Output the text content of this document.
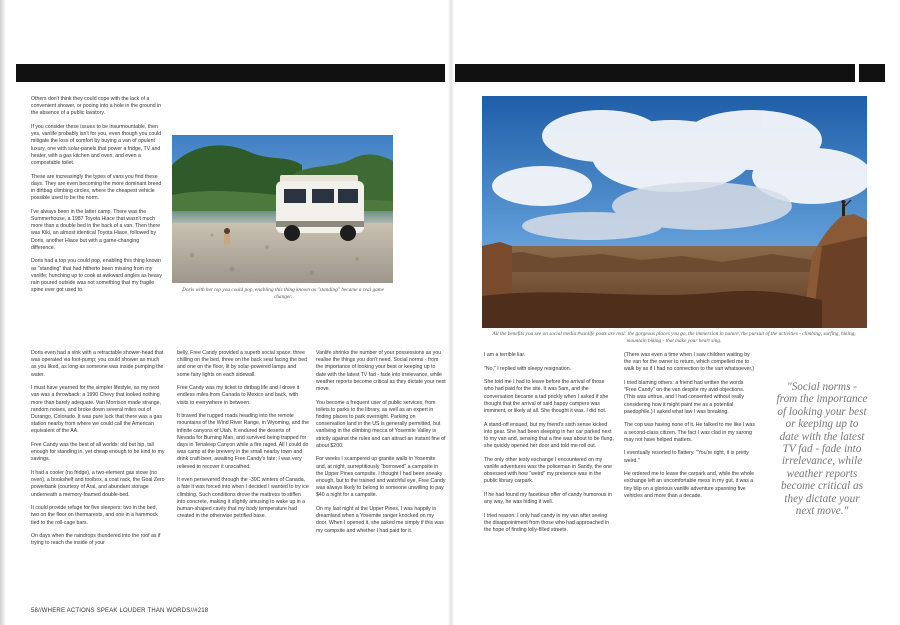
Others don't think they could cope with the lack of a convenient shower, or pooing into a hole in the ground in the absence of a public lavatory.

If you consider these issues to be insurmountable, then yes, vanlife probably isn't for you, even though you could mitigate the loss of comfort by buying a van of opulent luxury, one with solar-panels that power a fridge, TV and heater, with a gas kitchen and oven, and even a compostable toilet.

These are increasingly the types of vans you find these days. They are even becoming the more dominant breed in dirtbag climbing circles, where the cheapest vehicle possible used to be the norm.

I've always been in the latter camp. There was the Summerhouse, a 1987 Toyota Hiace that wasn't much more than a double bed in the back of a van. Then there was Kiki, an almost identical Toyota Hiace, followed by Doris, another Hiace but with a game-changing difference.

Doris had a top you could pop, enabling this thing known as "standing" that had hitherto been missing from my vanlife; hunching up to cook at awkward angles as heavy rain poured outside was not something that my fragile spine ever got used to.	Doris with her top you could pop, enabling this thing known as "standing" became a real game changer.

Doris even had a sink with a retractable shower-head that was operated via foot-pump; you could shower as much as you liked, as long as someone was inside pumping the water.

I must have yearned for the simpler lifestyle, as my next van was a throwback: a 1990 Chevy that looked nothing more than barely adequate. Van Morrison made strange, random noises, and broke down several miles out of Durango, Colorado. It was pure luck that there was a gas station nearby from where we could call the American equivalent of the AA.

Free Candy was the best of all worlds: old but hip, tall enough for standing in, yet cheap enough to be kind to my savings.

It had a cooler (no fridge), a two-element gas stove (no oven), a bookshelf and toolbox, a coat rack, the Goal Zero powerbank (courtesy of Arai, and abundant storage underneath a memory-foamed double-bed.

It could provide refuge for five sleepers: two in the bed, two on the floor on thermarests, and one in a hammock tied to the roll-cage bars.

On days when the raindrops thundered into the roof as if trying to reach the inside of your

belly, Free Candy provided a superb social space: three chilling on the bed, three on the back seat facing the bed and one on the floor, lit by solar-powered lamps and some fairy lights on each sidewall.

Free Candy was my ticket to dirtbag life and I drove it endless miles from Canada to Mexico and back, with visits to everywhere in between.

It braved the rugged roads heading into the remote mountains of the Wind River Range, in Wyoming, and the infinite canyons of Utah. It endured the deserts of Nevada for Burning Man, and survived being trapped for days in Tenaleep Canyon while a fire raged. All I could do was camp at the brewery in the small nearby town and drink craft beer, awaiting Free Candy's fate; I was very relieved to recover it unscathed.

It even persevered through the -30C winters of Canada, a fate it was forced into when I decided I wanted to try ice climbing. Such conditions drove the mattress to stiffen into concrete, making it slightly amusing to wake up in a human-shaped cavity that my body temperature had created in the otherwise petrified base.

Vanlife shrinks the number of your possessions as you realise the things you don't need. Social norms - from the importance of looking your best or keeping up to date with the latest TV fad - fade into irrelevance, while weather reports become critical as they dictate your next move.

You become a frequent user of public services, from toilets to parks to the library, as well as an expert in finding places to park overnight. Parking on conservation land in the US is generally permitted, but vanliving in the climbing mecca of Yosemite Valley is strictly against the rules and can attract an instant fine of about $200.

For weeks I scampered up granite walls in Yosemite and, at night, surreptitiously "borrowed" a campsite in the Upper Pines campsite. I thought I had been sneaky enough, but to the trained and watchful eye, Free Candy was always likely to belong to someone unwilling to pay $40 a night for a campsite.

On my last night at the Upper Pines, I was happily in dreamland when a Yosemite ranger knocked on my door. When I opened it, she asked me simply if this was my campsite and whether I had paid for it.

All the benefits you see on social media #vanlife posts are real: the gorgeous places you go, the immersion in nature, the pursuit of the activities - climbing, surfing, hiking, mountain biking - that make your heart sing.

I am a terrible liar.

"No," I replied with sleepy resignation.

She told me I had to leave before the arrival of those who had paid for the site. It was 5am, and the conversation became a tad prickly when I asked if she thought that the arrival of said happy campers was imminent, or likely at all. She thought it was. I did not.

A stand-off ensued, but my friend's sixth sense kicked into gear. She had been sleeping in her car parked next to my van and, sensing that a fine was about to be flung, she quickly opened her door and told me roll out.

The only other testy exchange I encountered on my vanlife adventures was the policeman in Sandy, the one obsessed with how "weird" my presence was in the public library carpark.

If he had found my facetious offer of candy humorous in any way, he was hiding it well.

I tried reason: I only had candy in my van after seeing the disappointment from those who had approached in the hope of finding lolly-filled streets.

(There was even a time when I saw children waiting by the van for the owner to return, which compelled me to walk by as if I had no connection to the van whatsoever.)

I tried blaming others: a friend had written the words "Free Candy" on the van despite my avid objections. (This was untrue, and I had consented without really considering how it might paint me as a potential paedophile.) I asked what law I was breaking.

The cop was having none of it. He talked to me like I was a second-class citizen. The fact I was clad in my sarong may not have helped matters.

I eventually resorted to flattery. "You're right, it is pretty weird."

He ordered me to leave the carpark and, while the whole exchange left an uncomfortable mess in my gut, it was a tiny blip on a glorious vanlife adventure spanning five vehicles and more than a decade.

"Social norms - from the importance of looking your best or keeping up to date with the latest TV fad - fade into irrelevance, while weather reports become critical as they dictate your next move."
58//WHERE ACTIONS SPEAK LOUDER THAN WORDS//#218
